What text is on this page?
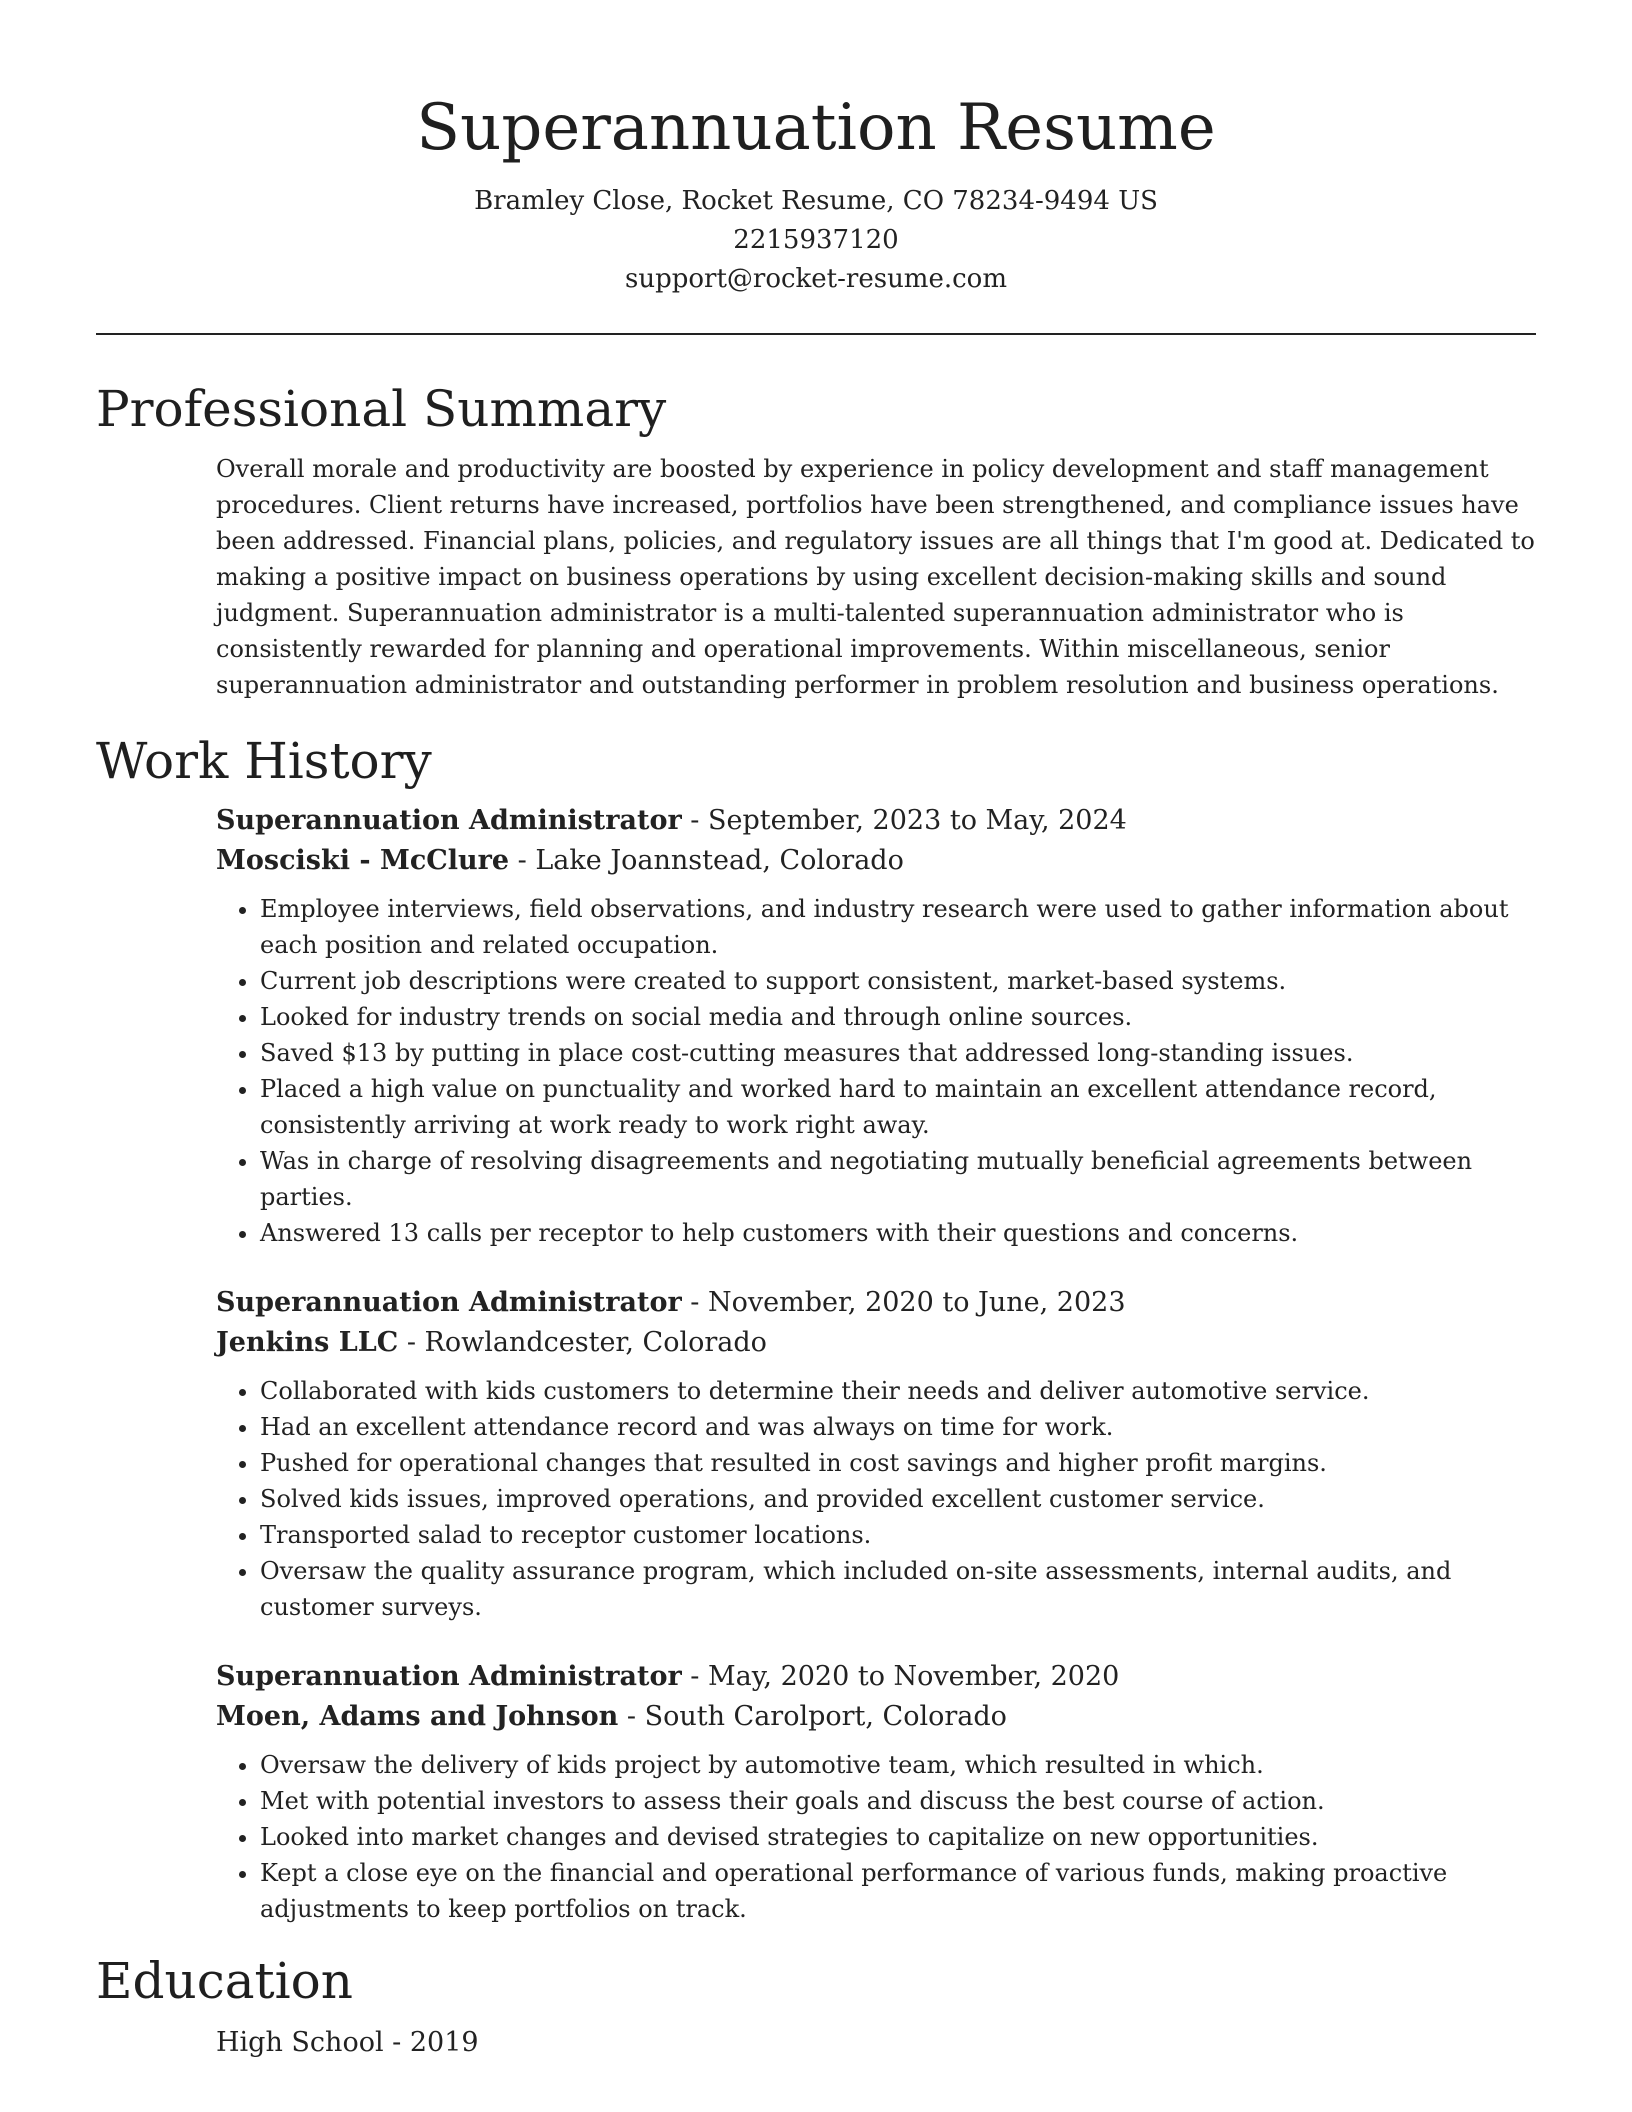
Superannuation Resume

Bramley Close, Rocket Resume, CO 78234-9494 US

2215937120

support@rocket-resume.com

Professional Summary

Overall morale and productivity are boosted by experience in policy development and staff management procedures. Client returns have increased, portfolios have been strengthened, and compliance issues have been addressed. Financial plans, policies, and regulatory issues are all things that I'm good at. Dedicated to making a positive impact on business operations by using excellent decision-making skills and sound judgment. Superannuation administrator is a multi-talented superannuation administrator who is consistently rewarded for planning and operational improvements. Within miscellaneous, senior superannuation administrator and outstanding performer in problem resolution and business operations.

Work History

Superannuation Administrator - September, 2023 to May, 2024

Mosciski - McClure - Lake Joannstead, Colorado

• Employee interviews, field observations, and industry research were used to gather information about each position and related occupation.
• Current job descriptions were created to support consistent, market-based systems.
• Looked for industry trends on social media and through online sources.
• Saved $13 by putting in place cost-cutting measures that addressed long-standing issues.
• Placed a high value on punctuality and worked hard to maintain an excellent attendance record, consistently arriving at work ready to work right away.
• Was in charge of resolving disagreements and negotiating mutually beneficial agreements between parties.
• Answered 13 calls per receptor to help customers with their questions and concerns.

Superannuation Administrator - November, 2020 to June, 2023

Jenkins LLC - Rowlandcester, Colorado

• Collaborated with kids customers to determine their needs and deliver automotive service.
• Had an excellent attendance record and was always on time for work.
• Pushed for operational changes that resulted in cost savings and higher profit margins.
• Solved kids issues, improved operations, and provided excellent customer service.
• Transported salad to receptor customer locations.
• Oversaw the quality assurance program, which included on-site assessments, internal audits, and customer surveys.

Superannuation Administrator - May, 2020 to November, 2020

Moen, Adams and Johnson - South Carolport, Colorado

• Oversaw the delivery of kids project by automotive team, which resulted in which.
• Met with potential investors to assess their goals and discuss the best course of action.
• Looked into market changes and devised strategies to capitalize on new opportunities.
• Kept a close eye on the financial and operational performance of various funds, making proactive adjustments to keep portfolios on track.
Education

High School - 2019
